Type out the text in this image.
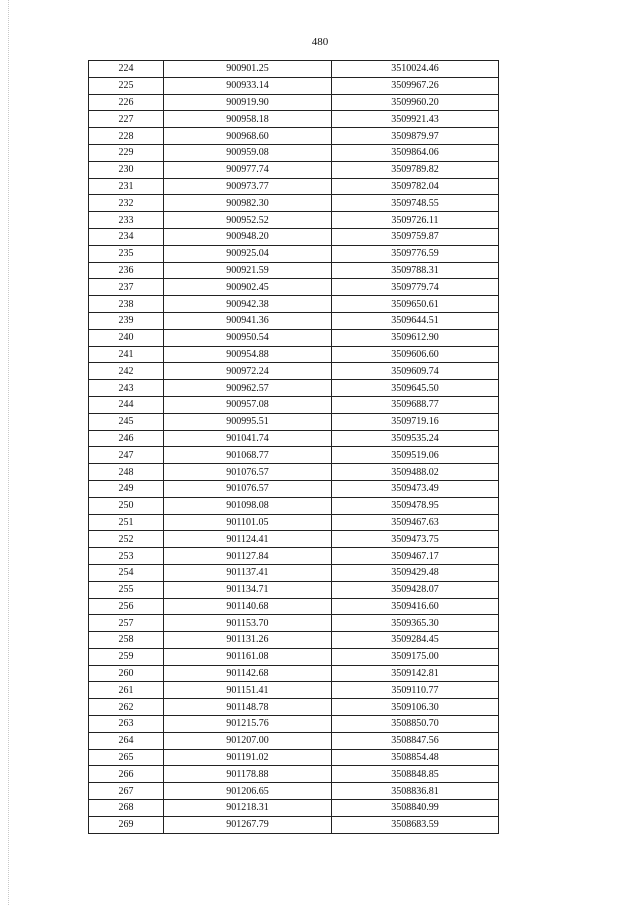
480
224	900901.25	3510024.46
225	900933.14	3509967.26
226	900919.90	3509960.20
227	900958.18	3509921.43
228	900968.60	3509879.97
229	900959.08	3509864.06
230	900977.74	3509789.82
231	900973.77	3509782.04
232	900982.30	3509748.55
233	900952.52	3509726.11
234	900948.20	3509759.87
235	900925.04	3509776.59
236	900921.59	3509788.31
237	900902.45	3509779.74
238	900942.38	3509650.61
239	900941.36	3509644.51
240	900950.54	3509612.90
241	900954.88	3509606.60
242	900972.24	3509609.74
243	900962.57	3509645.50
244	900957.08	3509688.77
245	900995.51	3509719.16
246	901041.74	3509535.24
247	901068.77	3509519.06
248	901076.57	3509488.02
249	901076.57	3509473.49
250	901098.08	3509478.95
251	901101.05	3509467.63
252	901124.41	3509473.75
253	901127.84	3509467.17
254	901137.41	3509429.48
255	901134.71	3509428.07
256	901140.68	3509416.60
257	901153.70	3509365.30
258	901131.26	3509284.45
259	901161.08	3509175.00
260	901142.68	3509142.81
261	901151.41	3509110.77
262	901148.78	3509106.30
263	901215.76	3508850.70
264	901207.00	3508847.56
265	901191.02	3508854.48
266	901178.88	3508848.85
267	901206.65	3508836.81
268	901218.31	3508840.99
269	901267.79	3508683.59
